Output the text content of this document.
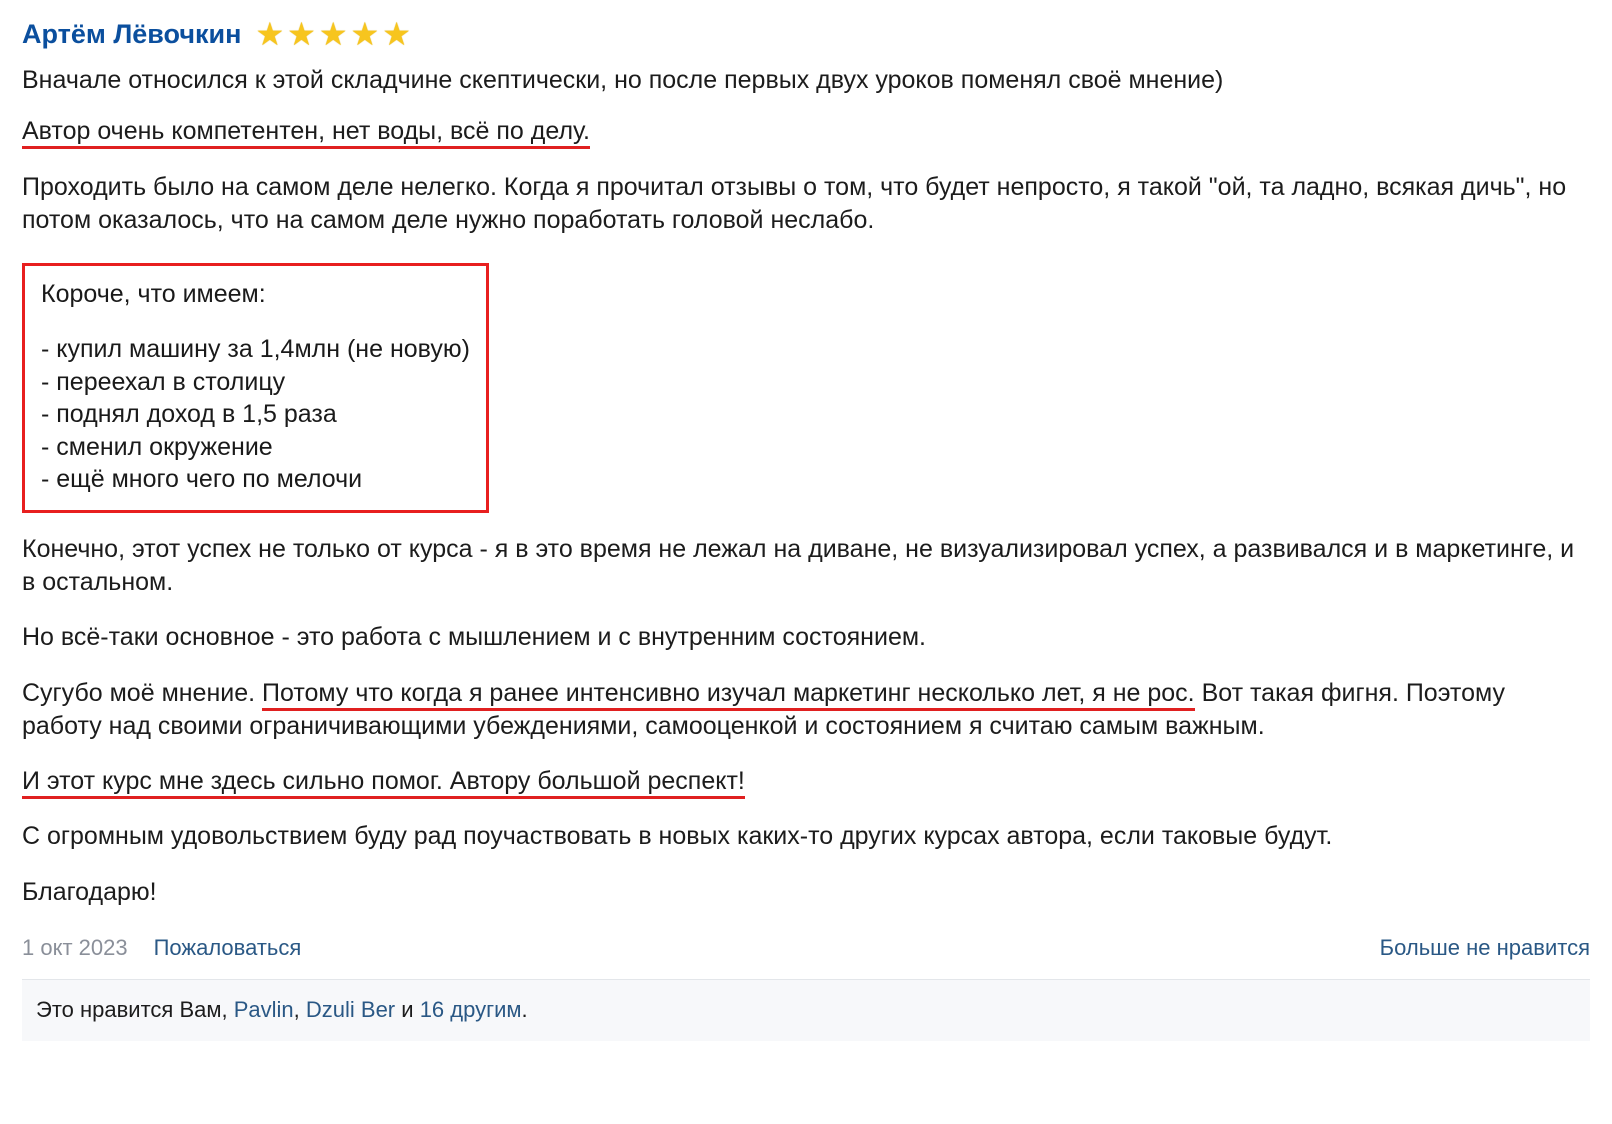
Артём Лёвочкин ★ ★ ★ ★ ★

Вначале относился к этой складчине скептически, но после первых двух уроков поменял своё мнение)

Автор очень компетентен, нет воды, всё по делу.

Проходить было на самом деле нелегко. Когда я прочитал отзывы о том, что будет непросто, я такой "ой, та ладно, всякая дичь", но потом оказалось, что на самом деле нужно поработать головой неслабо.

Короче, что имеем:
- купил машину за 1,4млн (не новую)
- переехал в столицу
- поднял доход в 1,5 раза
- сменил окружение
- ещё много чего по мелочи

Конечно, этот успех не только от курса - я в это время не лежал на диване, не визуализировал успех, а развивался и в маркетинге, и в остальном.

Но всё-таки основное - это работа с мышлением и с внутренним состоянием.

Сугубо моё мнение. Потому что когда я ранее интенсивно изучал маркетинг несколько лет, я не рос. Вот такая фигня. Поэтому работу над своими ограничивающими убеждениями, самооценкой и состоянием я считаю самым важным.

И этот курс мне здесь сильно помог. Автору большой респект!

С огромным удовольствием буду рад поучаствовать в новых каких-то других курсах автора, если таковые будут.

Благодарю!

1 окт 2023 Пожаловаться	Больше не нравится
Это нравится Вам, Pavlin, Dzuli Ber и 16 другим.
